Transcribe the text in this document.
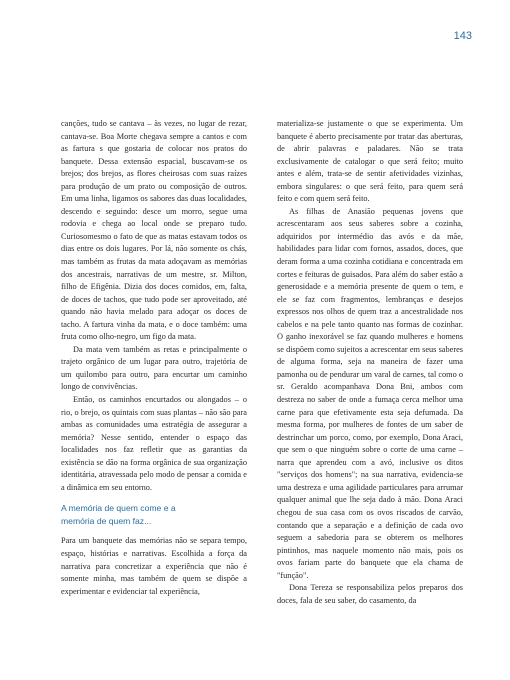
143

canções, tudo se cantava – às vezes, no lugar de rezar, cantava-se. Boa Morte chegava sempre a cantos e com as fartura s que gostaria de colocar nos pratos do banquete. Dessa extensão espacial, buscavam-se os brejos; dos brejos, as flores cheirosas com suas raízes para produção de um prato ou composição de outros. Em uma linha, ligamos os sabores das duas localidades, descendo e seguindo: desce um morro, segue uma rodovia e chega ao local onde se preparo tudo. Curiosomesmo o fato de que as matas estavam todos os dias entre os dois lugares. Por lá, não somente os chás, mas também as frutas da mata adoçavam as memórias dos ancestrais, narrativas de um mestre, sr. Milton, filho de Efigênia. Dizia dos doces comidos, em, falta, de doces de tachos, que tudo pode ser aproveitado, até quando não havia melado para adoçar os doces de tacho. A fartura vinha da mata, e o doce também: uma fruta como olho-negro, um figo da mata.

Da mata vem também as retas e principalmente o trajeto orgânico de um lugar para outro, trajetória de um quilombo para outro, para encurtar um caminho longo de convivências.

Então, os caminhos encurtados ou alongados – o rio, o brejo, os quintais com suas plantas – não são para ambas as comunidades uma estratégia de assegurar a memória? Nesse sentido, entender o espaço das localidades nos faz refletir que as garantias da existência se dão na forma orgânica de sua organização identitária, atravessada pelo modo de pensar a comida e a dinâmica em seu entorno.

A memória de quem come e a
memória de quem faz...

Para um banquete das memórias não se separa tempo, espaço, histórias e narrativas. Escolhida a força da narrativa para concretizar a experiência que não é somente minha, mas também de quem se dispõe a experimentar e evidenciar tal experiência,

materializa-se justamente o que se experimenta. Um banquete é aberto precisamente por tratar das aberturas, de abrir palavras e paladares. Não se trata exclusivamente de catalogar o que será feito; muito antes e além, trata-se de sentir afetividades vizinhas, embora singulares: o que será feito, para quem será feito e com quem será feito.

As filhas de Anasião pequenas jovens que acrescentaram aos seus saberes sobre a cozinha, adquiridos por intermédio das avós e da mãe, habilidades para lidar com fornos, assados, doces, que deram forma a uma cozinha cotidiana e concentrada em cortes e feituras de guisados. Para além do saber estão a generosidade e a memória presente de quem o tem, e ele se faz com fragmentos, lembranças e desejos expressos nos olhos de quem traz a ancestralidade nos cabelos e na pele tanto quanto nas formas de cozinhar. O ganho inexorável se faz quando mulheres e homens se dispõem como sujeitos a acrescentar em seus saberes de alguma forma, seja na maneira de fazer uma pamonha ou de pendurar um varal de carnes, tal como o sr. Geraldo acompanhava Dona Bni, ambos com destreza no saber de onde a fumaça cerca melhor uma carne para que efetivamente esta seja defumada. Da mesma forma, por mulheres de fontes de um saber de destrinchar um porco, como, por exemplo, Dona Araci, que sem o que ninguém sobre o corte de uma carne – narra que aprendeu com a avó, inclusive os ditos "serviços dos homens"; na sua narrativa, evidencia-se uma destreza e uma agilidade particulares para arrumar qualquer animal que lhe seja dado à mão. Dona Araci chegou de sua casa com os ovos riscados de carvão, contando que a separação e a definição de cada ovo seguem a sabedoria para se obterem os melhores pintinhos, mas naquele momento não mais, pois os ovos fariam parte do banquete que ela chama de "função".

Dona Tereza se responsabiliza pelos preparos dos doces, fala de seu saber, do casamento, da
